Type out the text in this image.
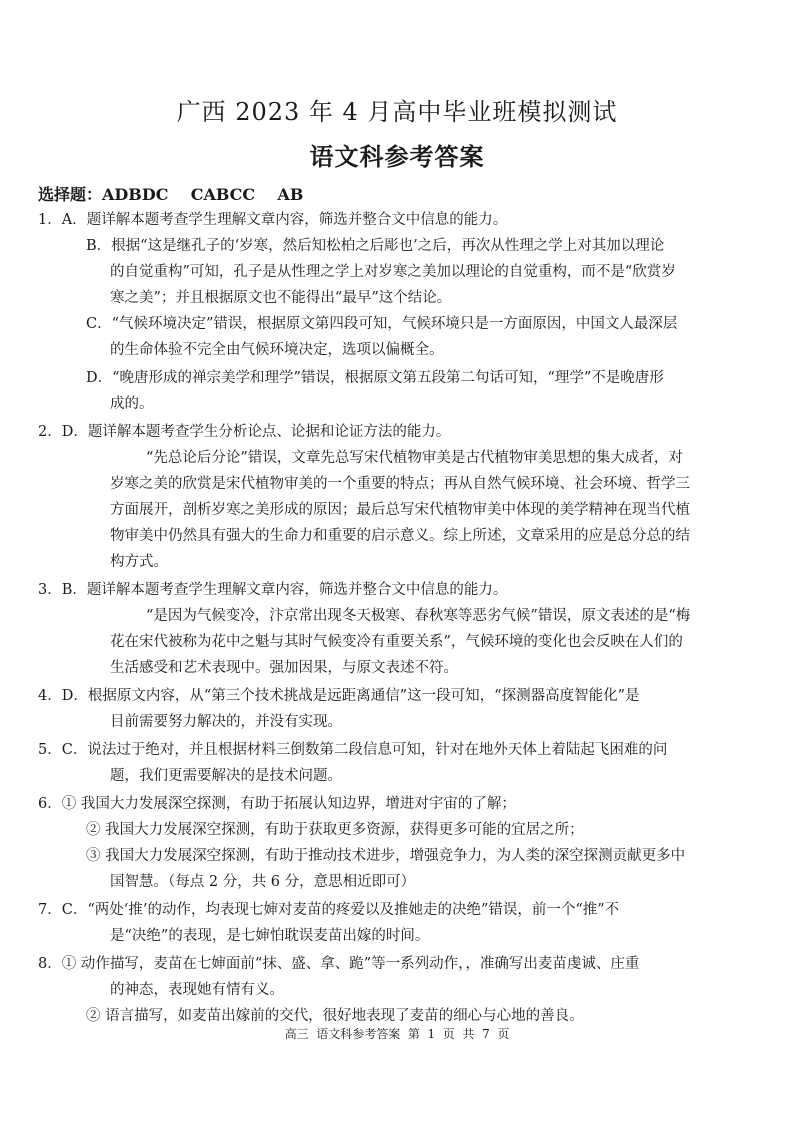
广西 2023 年 4 月高中毕业班模拟测试
语文科参考答案
选择题：ADBDC    CABCC    AB
1．A．题详解本题考查学生理解文章内容，筛选并整合文中信息的能力。
B．根据“这是继孔子的‘岁寒，然后知松柏之后彫也’之后，再次从性理之学上对其加以理论
的自觉重构”可知，孔子是从性理之学上对岁寒之美加以理论的自觉重构，而不是“欣赏岁
寒之美”；并且根据原文也不能得出“最早”这个结论。
C．“气候环境决定”错误，根据原文第四段可知，气候环境只是一方面原因，中国文人最深层
的生命体验不完全由气候环境决定，选项以偏概全。
D．“晚唐形成的禅宗美学和理学”错误，根据原文第五段第二句话可知，“理学”不是晚唐形
成的。
2．D．题详解本题考查学生分析论点、论据和论证方法的能力。
“先总论后分论”错误，文章先总写宋代植物审美是古代植物审美思想的集大成者，对
岁寒之美的欣赏是宋代植物审美的一个重要的特点；再从自然气候环境、社会环境、哲学三
方面展开，剖析岁寒之美形成的原因；最后总写宋代植物审美中体现的美学精神在现当代植
物审美中仍然具有强大的生命力和重要的启示意义。综上所述，文章采用的应是总分总的结
构方式。
3．B．题详解本题考查学生理解文章内容，筛选并整合文中信息的能力。
“是因为气候变冷，汴京常出现冬天极寒、春秋寒等恶劣气候”错误，原文表述的是“梅
花在宋代被称为花中之魁与其时气候变冷有重要关系”，气候环境的变化也会反映在人们的
生活感受和艺术表现中。强加因果，与原文表述不符。
4．D．根据原文内容，从“第三个技术挑战是远距离通信”这一段可知，“探测器高度智能化”是
目前需要努力解决的，并没有实现。
5．C．说法过于绝对，并且根据材料三倒数第二段信息可知，针对在地外天体上着陆起飞困难的问
题，我们更需要解决的是技术问题。
6．① 我国大力发展深空探测，有助于拓展认知边界，增进对宇宙的了解；
② 我国大力发展深空探测，有助于获取更多资源，获得更多可能的宜居之所；
③ 我国大力发展深空探测，有助于推动技术进步，增强竞争力，为人类的深空探测贡献更多中
国智慧。（每点 2 分，共 6 分，意思相近即可）
7．C．“两处‘推’的动作，均表现七婶对麦苗的疼爱以及推她走的决绝”错误，前一个“推”不
是“决绝”的表现，是七婶怕耽误麦苗出嫁的时间。
8．① 动作描写，麦苗在七婶面前“抹、盛、拿、跪”等一系列动作，，准确写出麦苗虔诚、庄重
的神态，表现她有情有义。
② 语言描写，如麦苗出嫁前的交代，很好地表现了麦苗的细心与心地的善良。
高三  语文科参考答案  第  1  页  共  7  页
